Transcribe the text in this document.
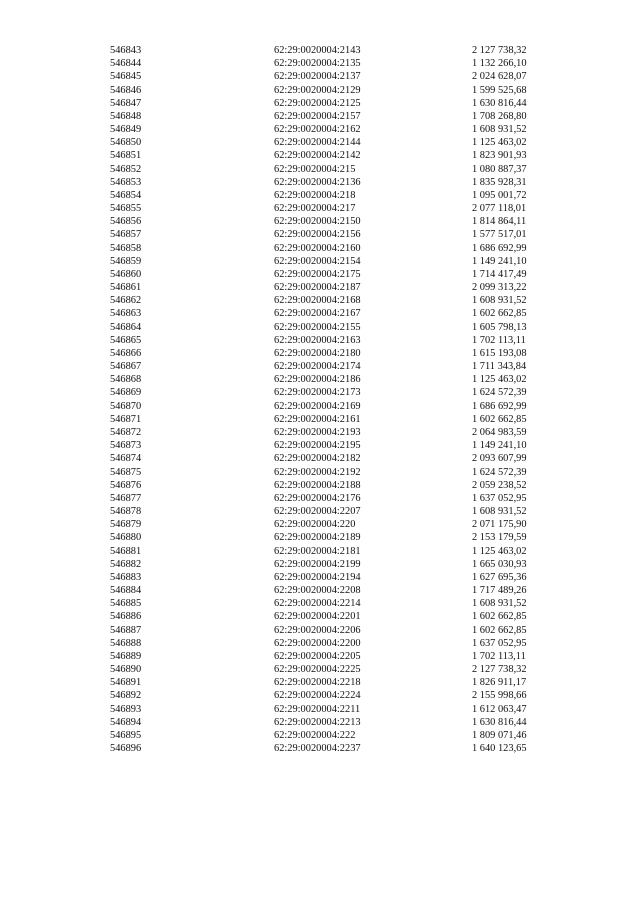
546843	62:29:0020004:2143	2 127 738,32
546844	62:29:0020004:2135	1 132 266,10
546845	62:29:0020004:2137	2 024 628,07
546846	62:29:0020004:2129	1 599 525,68
546847	62:29:0020004:2125	1 630 816,44
546848	62:29:0020004:2157	1 708 268,80
546849	62:29:0020004:2162	1 608 931,52
546850	62:29:0020004:2144	1 125 463,02
546851	62:29:0020004:2142	1 823 901,93
546852	62:29:0020004:215	1 080 887,37
546853	62:29:0020004:2136	1 835 928,31
546854	62:29:0020004:218	1 095 001,72
546855	62:29:0020004:217	2 077 118,01
546856	62:29:0020004:2150	1 814 864,11
546857	62:29:0020004:2156	1 577 517,01
546858	62:29:0020004:2160	1 686 692,99
546859	62:29:0020004:2154	1 149 241,10
546860	62:29:0020004:2175	1 714 417,49
546861	62:29:0020004:2187	2 099 313,22
546862	62:29:0020004:2168	1 608 931,52
546863	62:29:0020004:2167	1 602 662,85
546864	62:29:0020004:2155	1 605 798,13
546865	62:29:0020004:2163	1 702 113,11
546866	62:29:0020004:2180	1 615 193,08
546867	62:29:0020004:2174	1 711 343,84
546868	62:29:0020004:2186	1 125 463,02
546869	62:29:0020004:2173	1 624 572,39
546870	62:29:0020004:2169	1 686 692,99
546871	62:29:0020004:2161	1 602 662,85
546872	62:29:0020004:2193	2 064 983,59
546873	62:29:0020004:2195	1 149 241,10
546874	62:29:0020004:2182	2 093 607,99
546875	62:29:0020004:2192	1 624 572,39
546876	62:29:0020004:2188	2 059 238,52
546877	62:29:0020004:2176	1 637 052,95
546878	62:29:0020004:2207	1 608 931,52
546879	62:29:0020004:220	2 071 175,90
546880	62:29:0020004:2189	2 153 179,59
546881	62:29:0020004:2181	1 125 463,02
546882	62:29:0020004:2199	1 665 030,93
546883	62:29:0020004:2194	1 627 695,36
546884	62:29:0020004:2208	1 717 489,26
546885	62:29:0020004:2214	1 608 931,52
546886	62:29:0020004:2201	1 602 662,85
546887	62:29:0020004:2206	1 602 662,85
546888	62:29:0020004:2200	1 637 052,95
546889	62:29:0020004:2205	1 702 113,11
546890	62:29:0020004:2225	2 127 738,32
546891	62:29:0020004:2218	1 826 911,17
546892	62:29:0020004:2224	2 155 998,66
546893	62:29:0020004:2211	1 612 063,47
546894	62:29:0020004:2213	1 630 816,44
546895	62:29:0020004:222	1 809 071,46
546896	62:29:0020004:2237	1 640 123,65
